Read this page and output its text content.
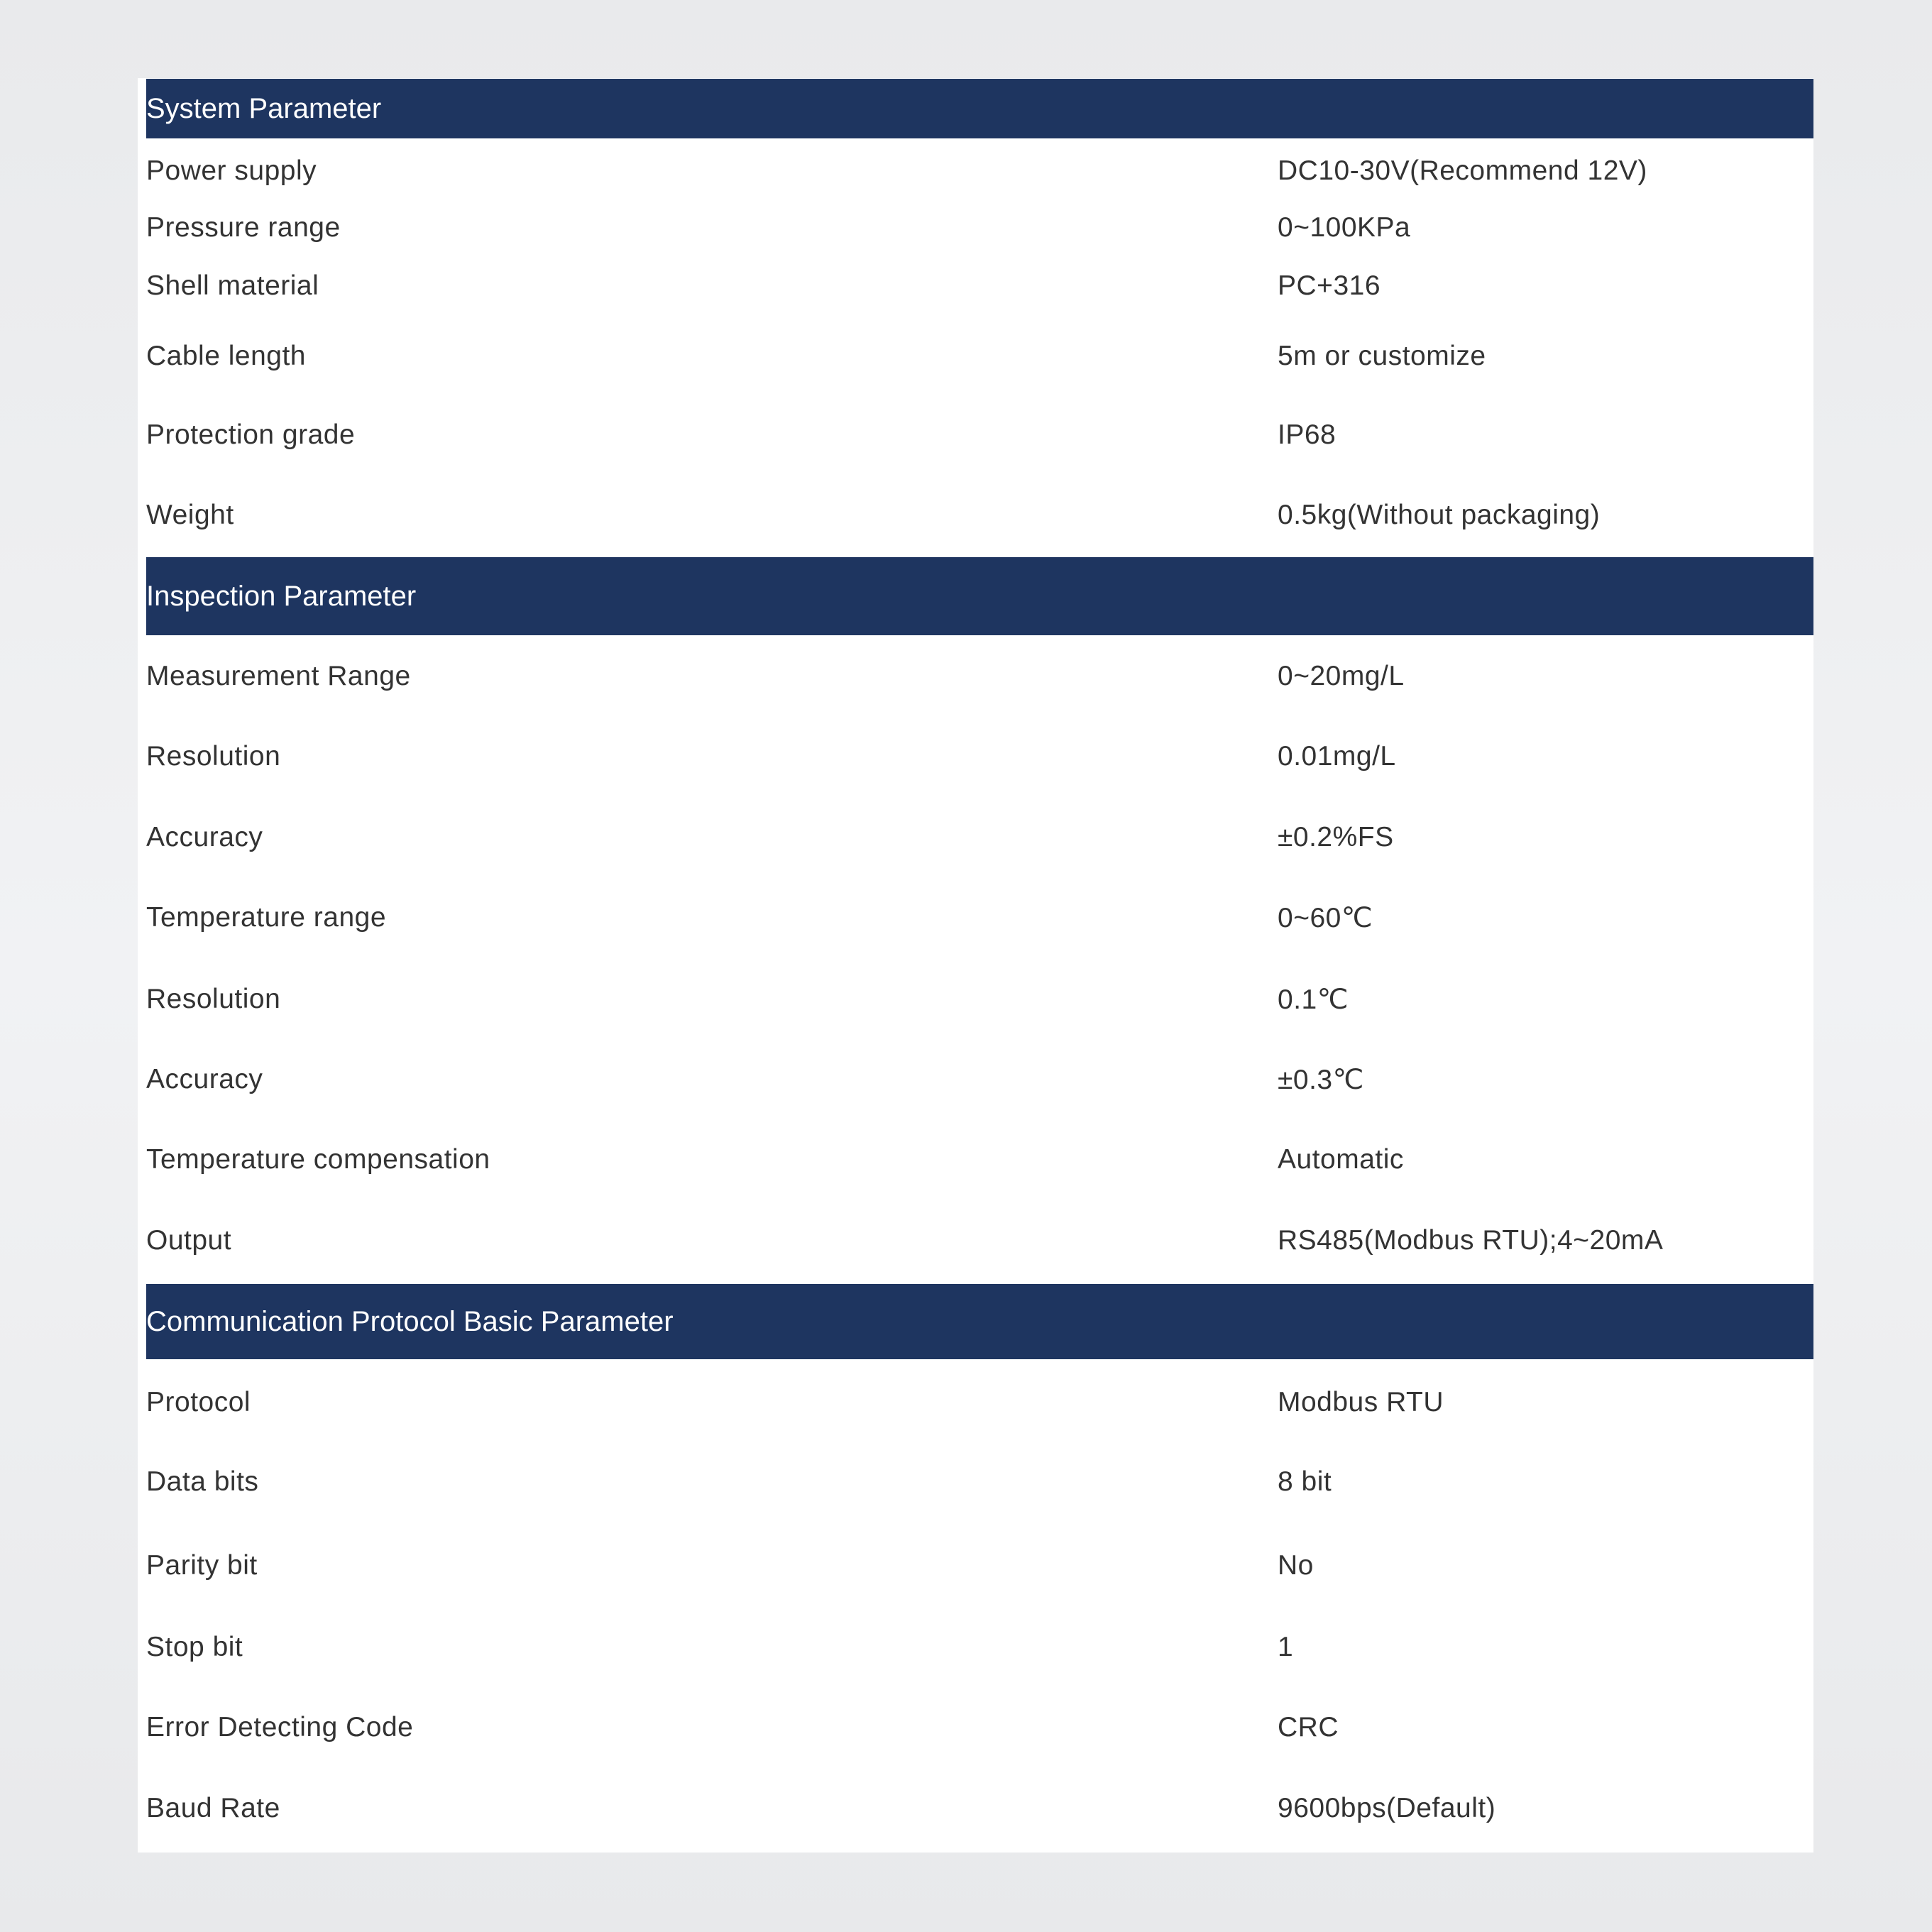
System Parameter
Power supply	DC10-30V(Recommend 12V)
Pressure range	0~100KPa
Shell material	PC+316
Cable length	5m or customize
Protection grade	IP68
Weight	0.5kg(Without packaging)
Inspection Parameter
Measurement Range	0~20mg/L
Resolution	0.01mg/L
Accuracy	±0.2%FS
Temperature range	0~60℃
Resolution	0.1℃
Accuracy	±0.3℃
Temperature compensation	Automatic
Output	RS485(Modbus RTU);4~20mA
Communication Protocol Basic Parameter
Protocol	Modbus RTU
Data bits	8 bit
Parity bit	No
Stop bit	1
Error Detecting Code	CRC
Baud Rate	9600bps(Default)
